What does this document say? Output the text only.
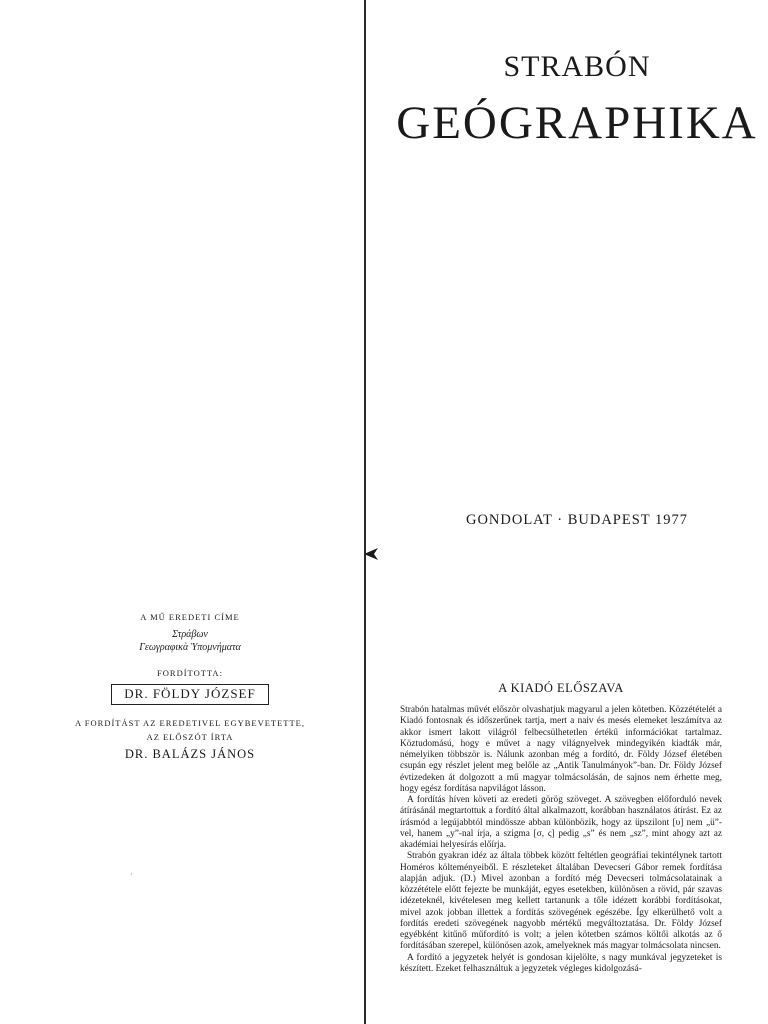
STRABÓN
GEÓGRAPHIKA
GONDOLAT · BUDAPEST 1977
A MŰ EREDETI CÍME
Στράβων
Γεωγραφικὰ Ὑπομνήματα
FORDÍTOTTA:
DR. FÖLDY JÓZSEF
A FORDÍTÁST AZ EREDETIVEL EGYBEVETETTE,
AZ ELŐSZÓT ÍRTA
DR. BALÁZS JÁNOS
·
A KIADÓ ELŐSZAVA

Strabón hatalmas művét először olvashatjuk magyarul a jelen kötetben. Közzétételét a Kiadó fontosnak és időszerűnek tartja, mert a naiv és mesés elemeket leszámítva az akkor ismert lakott világról felbecsülhetetlen értékű információkat tartalmaz. Köztudomású, hogy e művet a nagy világnyelvek mindegyikén kiadták már, némelyiken többször is. Nálunk azonban még a fordító, dr. Földy József életében csupán egy részlet jelent meg belőle az „Antik Tanulmányok”-ban. Dr. Földy József évtizedeken át dolgozott a mű magyar tolmácsolásán, de sajnos nem érhette meg, hogy egész fordítása napvilágot lásson.

A fordítás híven követi az eredeti görög szöveget. A szövegben előforduló nevek átírásánál megtartottuk a fordító által alkalmazott, korábban használatos átírást. Ez az írásmód a legújabbtól mindössze abban különbözik, hogy az üpszilont [υ] nem „ü”-vel, hanem „y”-nal írja, a szigma [σ, ς] pedig „s” és nem „sz”, mint ahogy azt az akadémiai helyesírás előírja.

Strabón gyakran idéz az általa többek között feltétlen geográfiai tekintélynek tartott Homéros költeményeiből. E részleteket általában Devecseri Gábor remek fordítása alapján adjuk. (D.) Mivel azonban a fordító még Devecseri tolmácsolatainak a közzététele előtt fejezte be munkáját, egyes esetekben, különösen a rövid, pár szavas idézeteknél, kivételesen meg kellett tartanunk a tőle idézett korábbi fordításokat, mivel azok jobban illettek a fordítás szövegének egészébe. Így elkerülhető volt a fordítás eredeti szövegének nagyobb mértékű megváltoztatása. Dr. Földy József egyébként kitűnő műfordító is volt; a jelen kötetben számos költői alkotás az ő fordításában szerepel, különösen azok, amelyeknek más magyar tolmácsolata nincsen.

A fordító a jegyzetek helyét is gondosan kijelölte, s nagy munkával jegyzeteket is készített. Ezeket felhasználtuk a jegyzetek végleges kidolgozásá-
